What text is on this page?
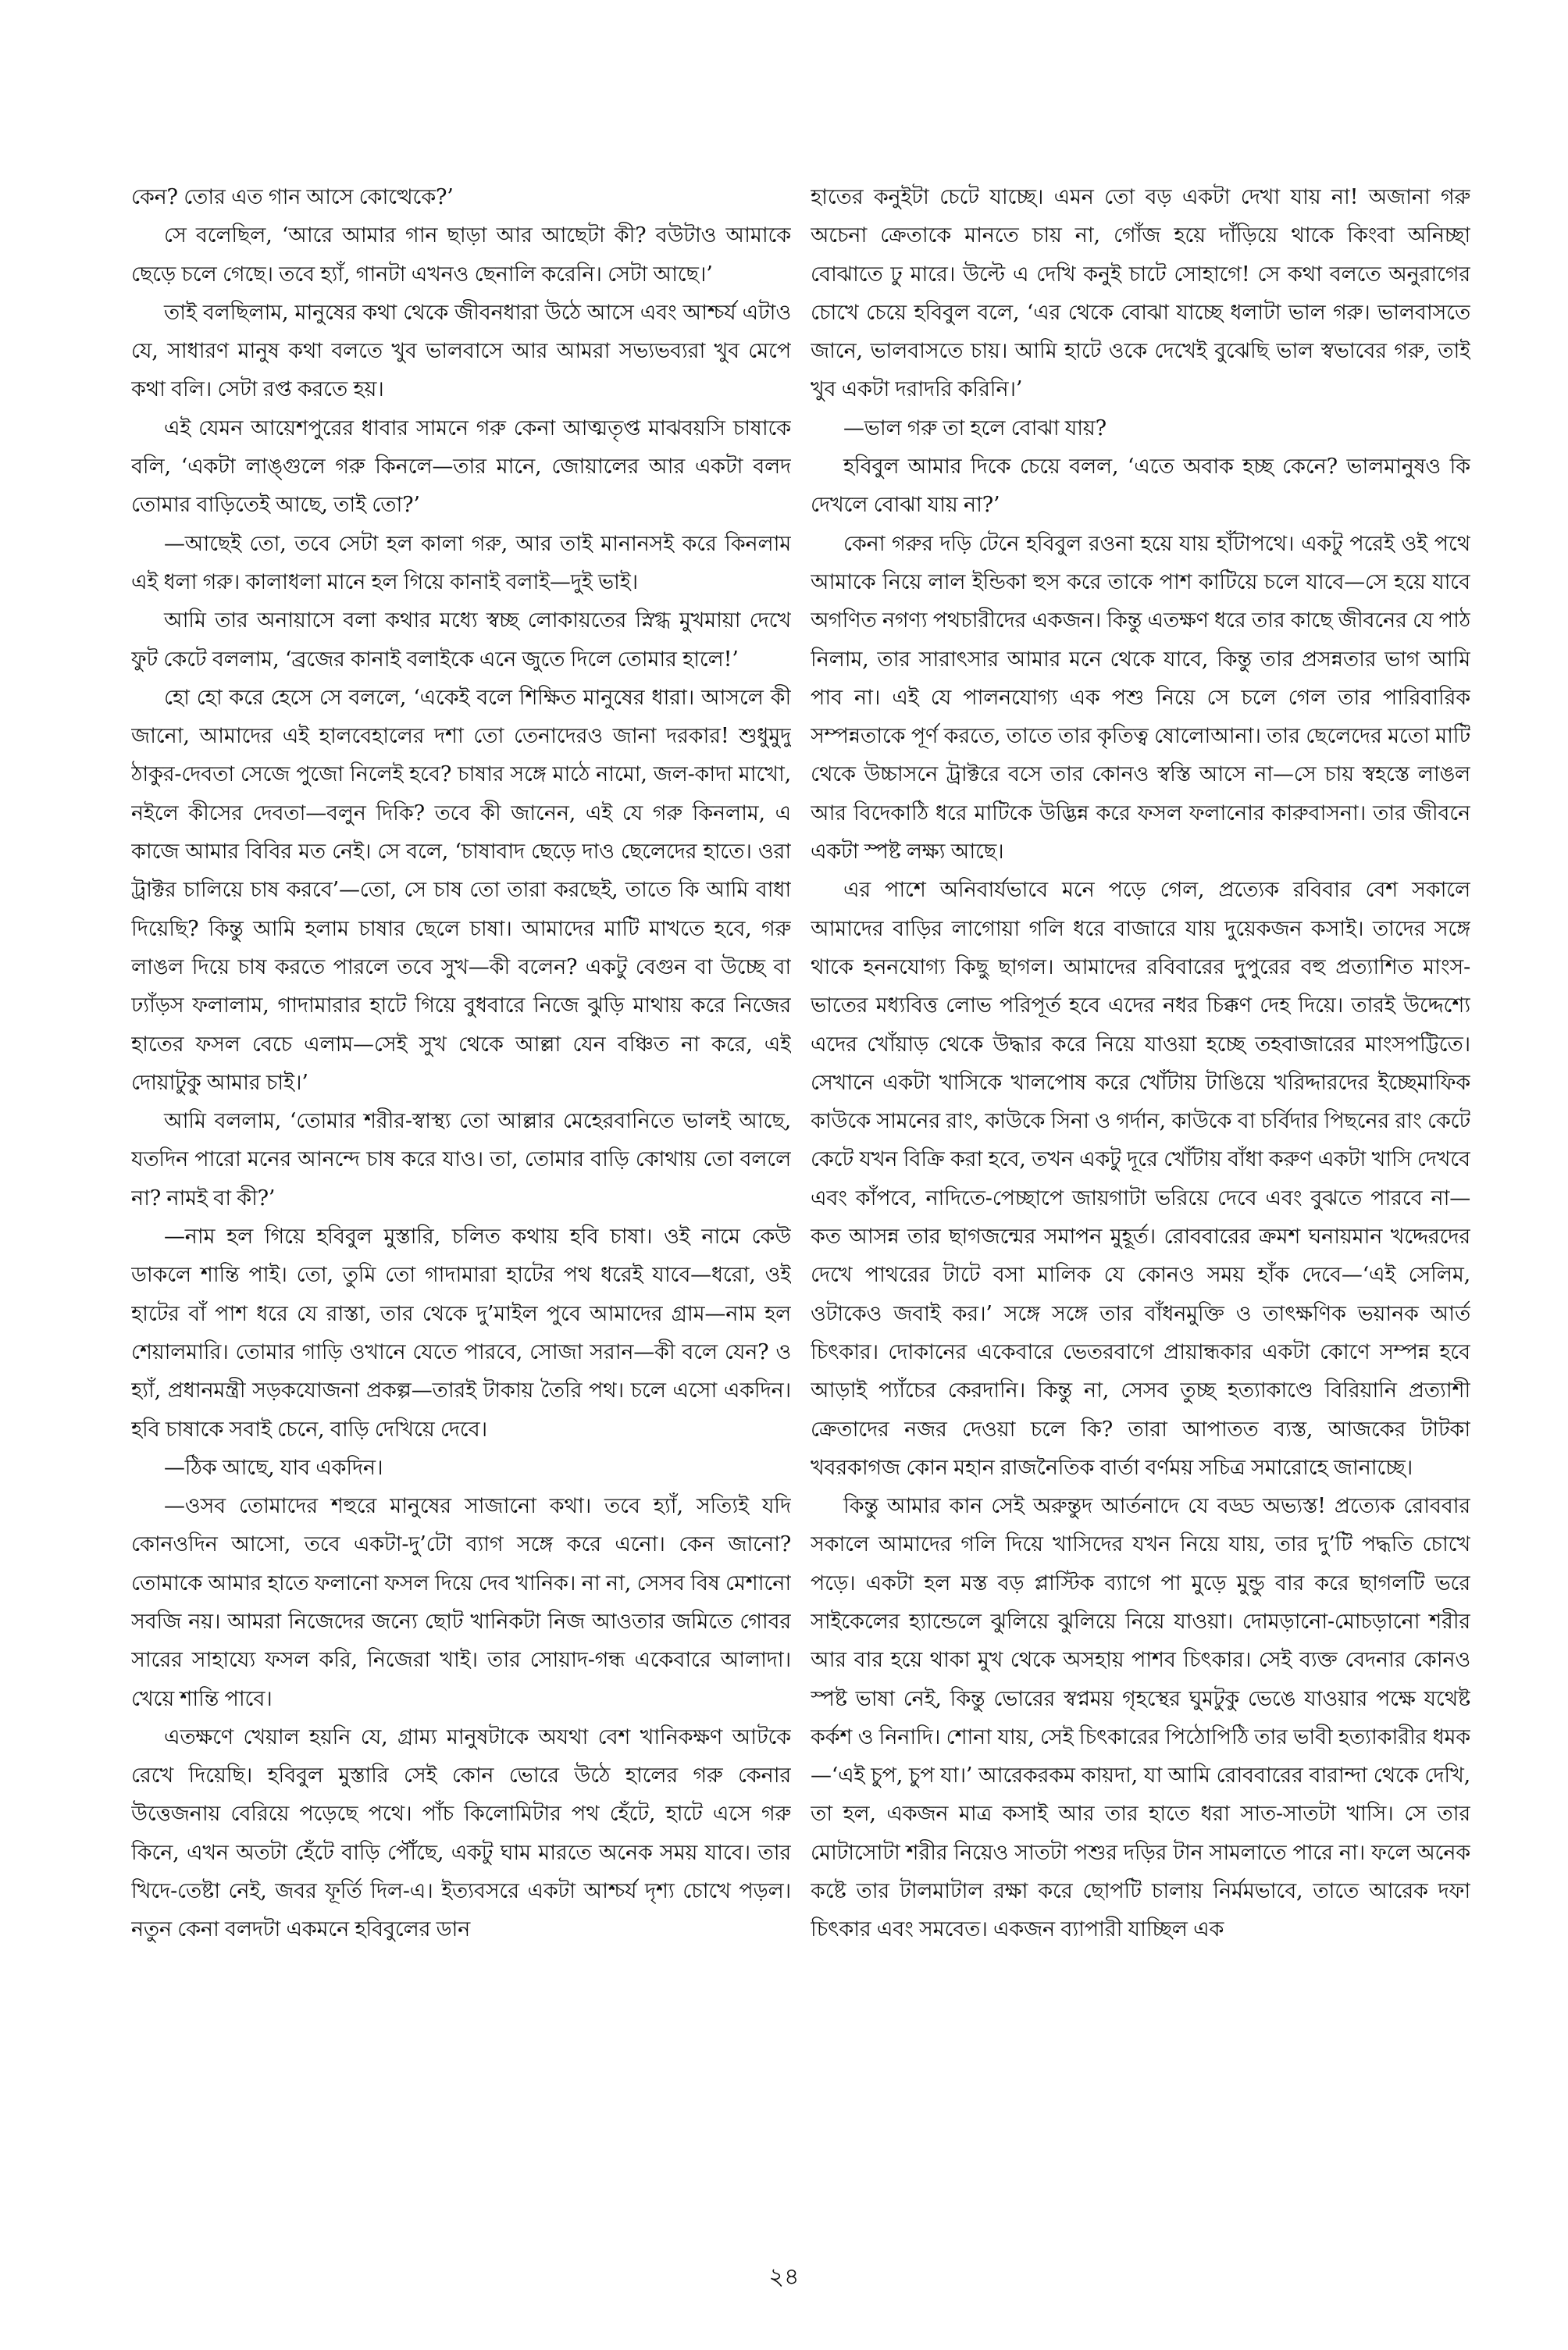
কেন? তোর এত গান আসে কোত্থেকে?’

সে বলেছিল, ‘আরে আমার গান ছাড়া আর আছেটা কী? বউটাও আমাকে ছেড়ে চলে গেছে। তবে হ্যাঁ, গানটা এখনও ছেনালি করেনি। সেটা আছে।’

তাই বলছিলাম, মানুষের কথা থেকে জীবনধারা উঠে আসে এবং আশ্চর্য এটাও যে, সাধারণ মানুষ কথা বলতে খুব ভালবাসে আর আমরা সভ্যভব্যরা খুব মেপে কথা বলি। সেটা রপ্ত করতে হয়।

এই যেমন আয়েশপুরের ধাবার সামনে গরু কেনা আত্মতৃপ্ত মাঝবয়সি চাষাকে বলি, ‘একটা লাঙ্গুলে গরু কিনলে—তার মানে, জোয়ালের আর একটা বলদ তোমার বাড়িতেই আছে, তাই তো?’

—আছেই তো, তবে সেটা হল কালা গরু, আর তাই মানানসই করে কিনলাম এই ধলা গরু। কালাধলা মানে হল গিয়ে কানাই বলাই—দুই ভাই।

আমি তার অনায়াসে বলা কথার মধ্যে স্বচ্ছ লোকায়তের স্নিগ্ধ মুখমায়া দেখে ফুট কেটে বললাম, ‘ব্রজের কানাই বলাইকে এনে জুতে দিলে তোমার হালে!’

হো হো করে হেসে সে বললে, ‘একেই বলে শিক্ষিত মানুষের ধারা। আসলে কী জানো, আমাদের এই হালবেহালের দশা তো তেনাদেরও জানা দরকার! শুধুমুদু ঠাকুর-দেবতা সেজে পুজো নিলেই হবে? চাষার সঙ্গে মাঠে নামো, জল-কাদা মাখো, নইলে কীসের দেবতা—বলুন দিকি? তবে কী জানেন, এই যে গরু কিনলাম, এ কাজে আমার বিবির মত নেই। সে বলে, ‘চাষাবাদ ছেড়ে দাও ছেলেদের হাতে। ওরা ট্রাক্টর চালিয়ে চাষ করবে’—তো, সে চাষ তো তারা করছেই, তাতে কি আমি বাধা দিয়েছি? কিন্তু আমি হলাম চাষার ছেলে চাষা। আমাদের মাটি মাখতে হবে, গরু লাঙল দিয়ে চাষ করতে পারলে তবে সুখ—কী বলেন? একটু বেগুন বা উচ্ছে বা ঢ্যাঁড়স ফলালাম, গাদামারার হাটে গিয়ে বুধবারে নিজে ঝুড়ি মাথায় করে নিজের হাতের ফসল বেচে এলাম—সেই সুখ থেকে আল্লা যেন বঞ্চিত না করে, এই দোয়াটুকু আমার চাই।’

আমি বললাম, ‘তোমার শরীর-স্বাস্থ্য তো আল্লার মেহেরবানিতে ভালই আছে, যতদিন পারো মনের আনন্দে চাষ করে যাও। তা, তোমার বাড়ি কোথায় তো বললে না? নামই বা কী?’

—নাম হল গিয়ে হবিবুল মুস্তারি, চলিত কথায় হবি চাষা। ওই নামে কেউ ডাকলে শান্তি পাই। তো, তুমি তো গাদামারা হাটের পথ ধরেই যাবে—ধরো, ওই হাটের বাঁ পাশ ধরে যে রাস্তা, তার থেকে দু’মাইল পুবে আমাদের গ্রাম—নাম হল শেয়ালমারি। তোমার গাড়ি ওখানে যেতে পারবে, সোজা সরান—কী বলে যেন? ও হ্যাঁ, প্রধানমন্ত্রী সড়কযোজনা প্রকল্প—তারই টাকায় তৈরি পথ। চলে এসো একদিন। হবি চাষাকে সবাই চেনে, বাড়ি দেখিয়ে দেবে।

—ঠিক আছে, যাব একদিন।

—ওসব তোমাদের শহুরে মানুষের সাজানো কথা। তবে হ্যাঁ, সত্যিই যদি কোনওদিন আসো, তবে একটা-দু’টো ব্যাগ সঙ্গে করে এনো। কেন জানো? তোমাকে আমার হাতে ফলানো ফসল দিয়ে দেব খানিক। না না, সেসব বিষ মেশানো সবজি নয়। আমরা নিজেদের জন্যে ছোট খানিকটা নিজ আওতার জমিতে গোবর সারের সাহায্যে ফসল করি, নিজেরা খাই। তার সোয়াদ-গন্ধ একেবারে আলাদা। খেয়ে শান্তি পাবে।

এতক্ষণে খেয়াল হয়নি যে, গ্রাম্য মানুষটাকে অযথা বেশ খানিকক্ষণ আটকে রেখে দিয়েছি। হবিবুল মুস্তারি সেই কোন ভোরে উঠে হালের গরু কেনার উত্তেজনায় বেরিয়ে পড়েছে পথে। পাঁচ কিলোমিটার পথ হেঁটে, হাটে এসে গরু কিনে, এখন অতটা হেঁটে বাড়ি পৌঁছে, একটু ঘাম মারতে অনেক সময় যাবে। তার খিদে-তেষ্টা নেই, জবর ফূর্তি দিল-এ। ইত্যবসরে একটা আশ্চর্য দৃশ্য চোখে পড়ল। নতুন কেনা বলদটা একমনে হবিবুলের ডান

হাতের কনুইটা চেটে যাচ্ছে। এমন তো বড় একটা দেখা যায় না! অজানা গরু অচেনা ক্রেতাকে মানতে চায় না, গোঁজ হয়ে দাঁড়িয়ে থাকে কিংবা অনিচ্ছা বোঝাতে ঢু মারে। উল্টে এ দেখি কনুই চাটে সোহাগে! সে কথা বলতে অনুরাগের চোখে চেয়ে হবিবুল বলে, ‘এর থেকে বোঝা যাচ্ছে ধলাটা ভাল গরু। ভালবাসতে জানে, ভালবাসতে চায়। আমি হাটে ওকে দেখেই বুঝেছি ভাল স্বভাবের গরু, তাই খুব একটা দরাদরি করিনি।’

—ভাল গরু তা হলে বোঝা যায়?

হবিবুল আমার দিকে চেয়ে বলল, ‘এতে অবাক হচ্ছ কেনে? ভালমানুষও কি দেখলে বোঝা যায় না?’

কেনা গরুর দড়ি টেনে হবিবুল রওনা হয়ে যায় হাঁটাপথে। একটু পরেই ওই পথে আমাকে নিয়ে লাল ইন্ডিকা হুস করে তাকে পাশ কাটিয়ে চলে যাবে—সে হয়ে যাবে অগণিত নগণ্য পথচারীদের একজন। কিন্তু এতক্ষণ ধরে তার কাছে জীবনের যে পাঠ নিলাম, তার সারাৎসার আমার মনে থেকে যাবে, কিন্তু তার প্রসন্নতার ভাগ আমি পাব না। এই যে পালনযোগ্য এক পশু নিয়ে সে চলে গেল তার পারিবারিক সম্পন্নতাকে পূর্ণ করতে, তাতে তার কৃতিত্ব ষোলোআনা। তার ছেলেদের মতো মাটি থেকে উচ্চাসনে ট্রাক্টরে বসে তার কোনও স্বস্তি আসে না—সে চায় স্বহস্তে লাঙল আর বিদেকাঠি ধরে মাটিকে উদ্ভিন্ন করে ফসল ফলানোর কারুবাসনা। তার জীবনে একটা স্পষ্ট লক্ষ্য আছে।

এর পাশে অনিবার্যভাবে মনে পড়ে গেল, প্রত্যেক রবিবার বেশ সকালে আমাদের বাড়ির লাগোয়া গলি ধরে বাজারে যায় দুয়েকজন কসাই। তাদের সঙ্গে থাকে হননযোগ্য কিছু ছাগল। আমাদের রবিবারের দুপুরের বহু প্রত্যাশিত মাংস-ভাতের মধ্যবিত্ত লোভ পরিপূর্ত হবে এদের নধর চিক্কণ দেহ দিয়ে। তারই উদ্দেশ্যে এদের খোঁয়াড় থেকে উদ্ধার করে নিয়ে যাওয়া হচ্ছে তহবাজারের মাংসপট্টিতে। সেখানে একটা খাসিকে খালপোষ করে খোঁটায় টাঙিয়ে খরিদ্দারদের ইচ্ছেমাফিক কাউকে সামনের রাং, কাউকে সিনা ও গর্দান, কাউকে বা চর্বিদার পিছনের রাং কেটে কেটে যখন বিক্রি করা হবে, তখন একটু দূরে খোঁটায় বাঁধা করুণ একটা খাসি দেখবে এবং কাঁপবে, নাদিতে-পেচ্ছাপে জায়গাটা ভরিয়ে দেবে এবং বুঝতে পারবে না—কত আসন্ন তার ছাগজন্মের সমাপন মুহূর্ত। রোববারের ক্রমশ ঘনায়মান খদ্দেরদের দেখে পাথরের টাটে বসা মালিক যে কোনও সময় হাঁক দেবে—‘এই সেলিম, ওটাকেও জবাই কর।’ সঙ্গে সঙ্গে তার বাঁধনমুক্তি ও তাৎক্ষণিক ভয়ানক আর্ত চিৎকার। দোকানের একেবারে ভেতরবাগে প্রায়ান্ধকার একটা কোণে সম্পন্ন হবে আড়াই প্যাঁচের কেরদানি। কিন্তু না, সেসব তুচ্ছ হত্যাকাণ্ডে বিরিয়ানি প্রত্যাশী ক্রেতাদের নজর দেওয়া চলে কি? তারা আপাতত ব্যস্ত, আজকের টাটকা খবরকাগজ কোন মহান রাজনৈতিক বার্তা বর্ণময় সচিত্র সমারোহে জানাচ্ছে।

কিন্তু আমার কান সেই অরুন্তুদ আর্তনাদে যে বড্ড অভ্যস্ত! প্রত্যেক রোববার সকালে আমাদের গলি দিয়ে খাসিদের যখন নিয়ে যায়, তার দু’টি পদ্ধতি চোখে পড়ে। একটা হল মস্ত বড় প্লাস্টিক ব্যাগে পা মুড়ে মুন্ডু বার করে ছাগলটি ভরে সাইকেলের হ্যান্ডেলে ঝুলিয়ে ঝুলিয়ে নিয়ে যাওয়া। দোমড়ানো-মোচড়ানো শরীর আর বার হয়ে থাকা মুখ থেকে অসহায় পাশব চিৎকার। সেই ব্যক্ত বেদনার কোনও স্পষ্ট ভাষা নেই, কিন্তু ভোরের স্বপ্নময় গৃহস্থের ঘুমটুকু ভেঙে যাওয়ার পক্ষে যথেষ্ট কর্কশ ও নিনাদি। শোনা যায়, সেই চিৎকারের পিঠোপিঠি তার ভাবী হত্যাকারীর ধমক—‘এই চুপ, চুপ যা।’ আরেকরকম কায়দা, যা আমি রোববারের বারান্দা থেকে দেখি, তা হল, একজন মাত্র কসাই আর তার হাতে ধরা সাত-সাতটা খাসি। সে তার মোটাসোটা শরীর নিয়েও সাতটা পশুর দড়ির টান সামলাতে পারে না। ফলে অনেক কষ্টে তার টালমাটাল রক্ষা করে ছোপটি চালায় নির্মমভাবে, তাতে আরেক দফা চিৎকার এবং সমবেত। একজন ব্যাপারী যাচ্ছিল এক

২৪
